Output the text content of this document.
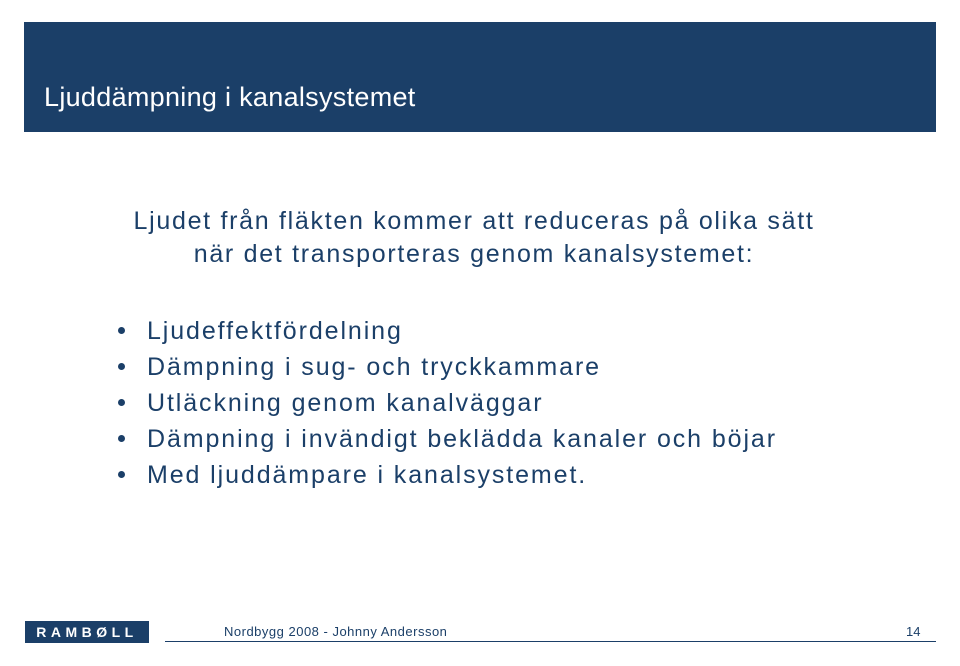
Ljuddämpning i kanalsystemet
Ljudet från fläkten kommer att reduceras på olika sätt
när det transporteras genom kanalsystemet:
Ljudeffektfördelning
Dämpning i sug- och tryckkammare
Utläckning genom kanalväggar
Dämpning i invändigt beklädda kanaler och böjar
Med ljuddämpare i kanalsystemet.
RAMBØLL	Nordbygg 2008 - Johnny Andersson	14
